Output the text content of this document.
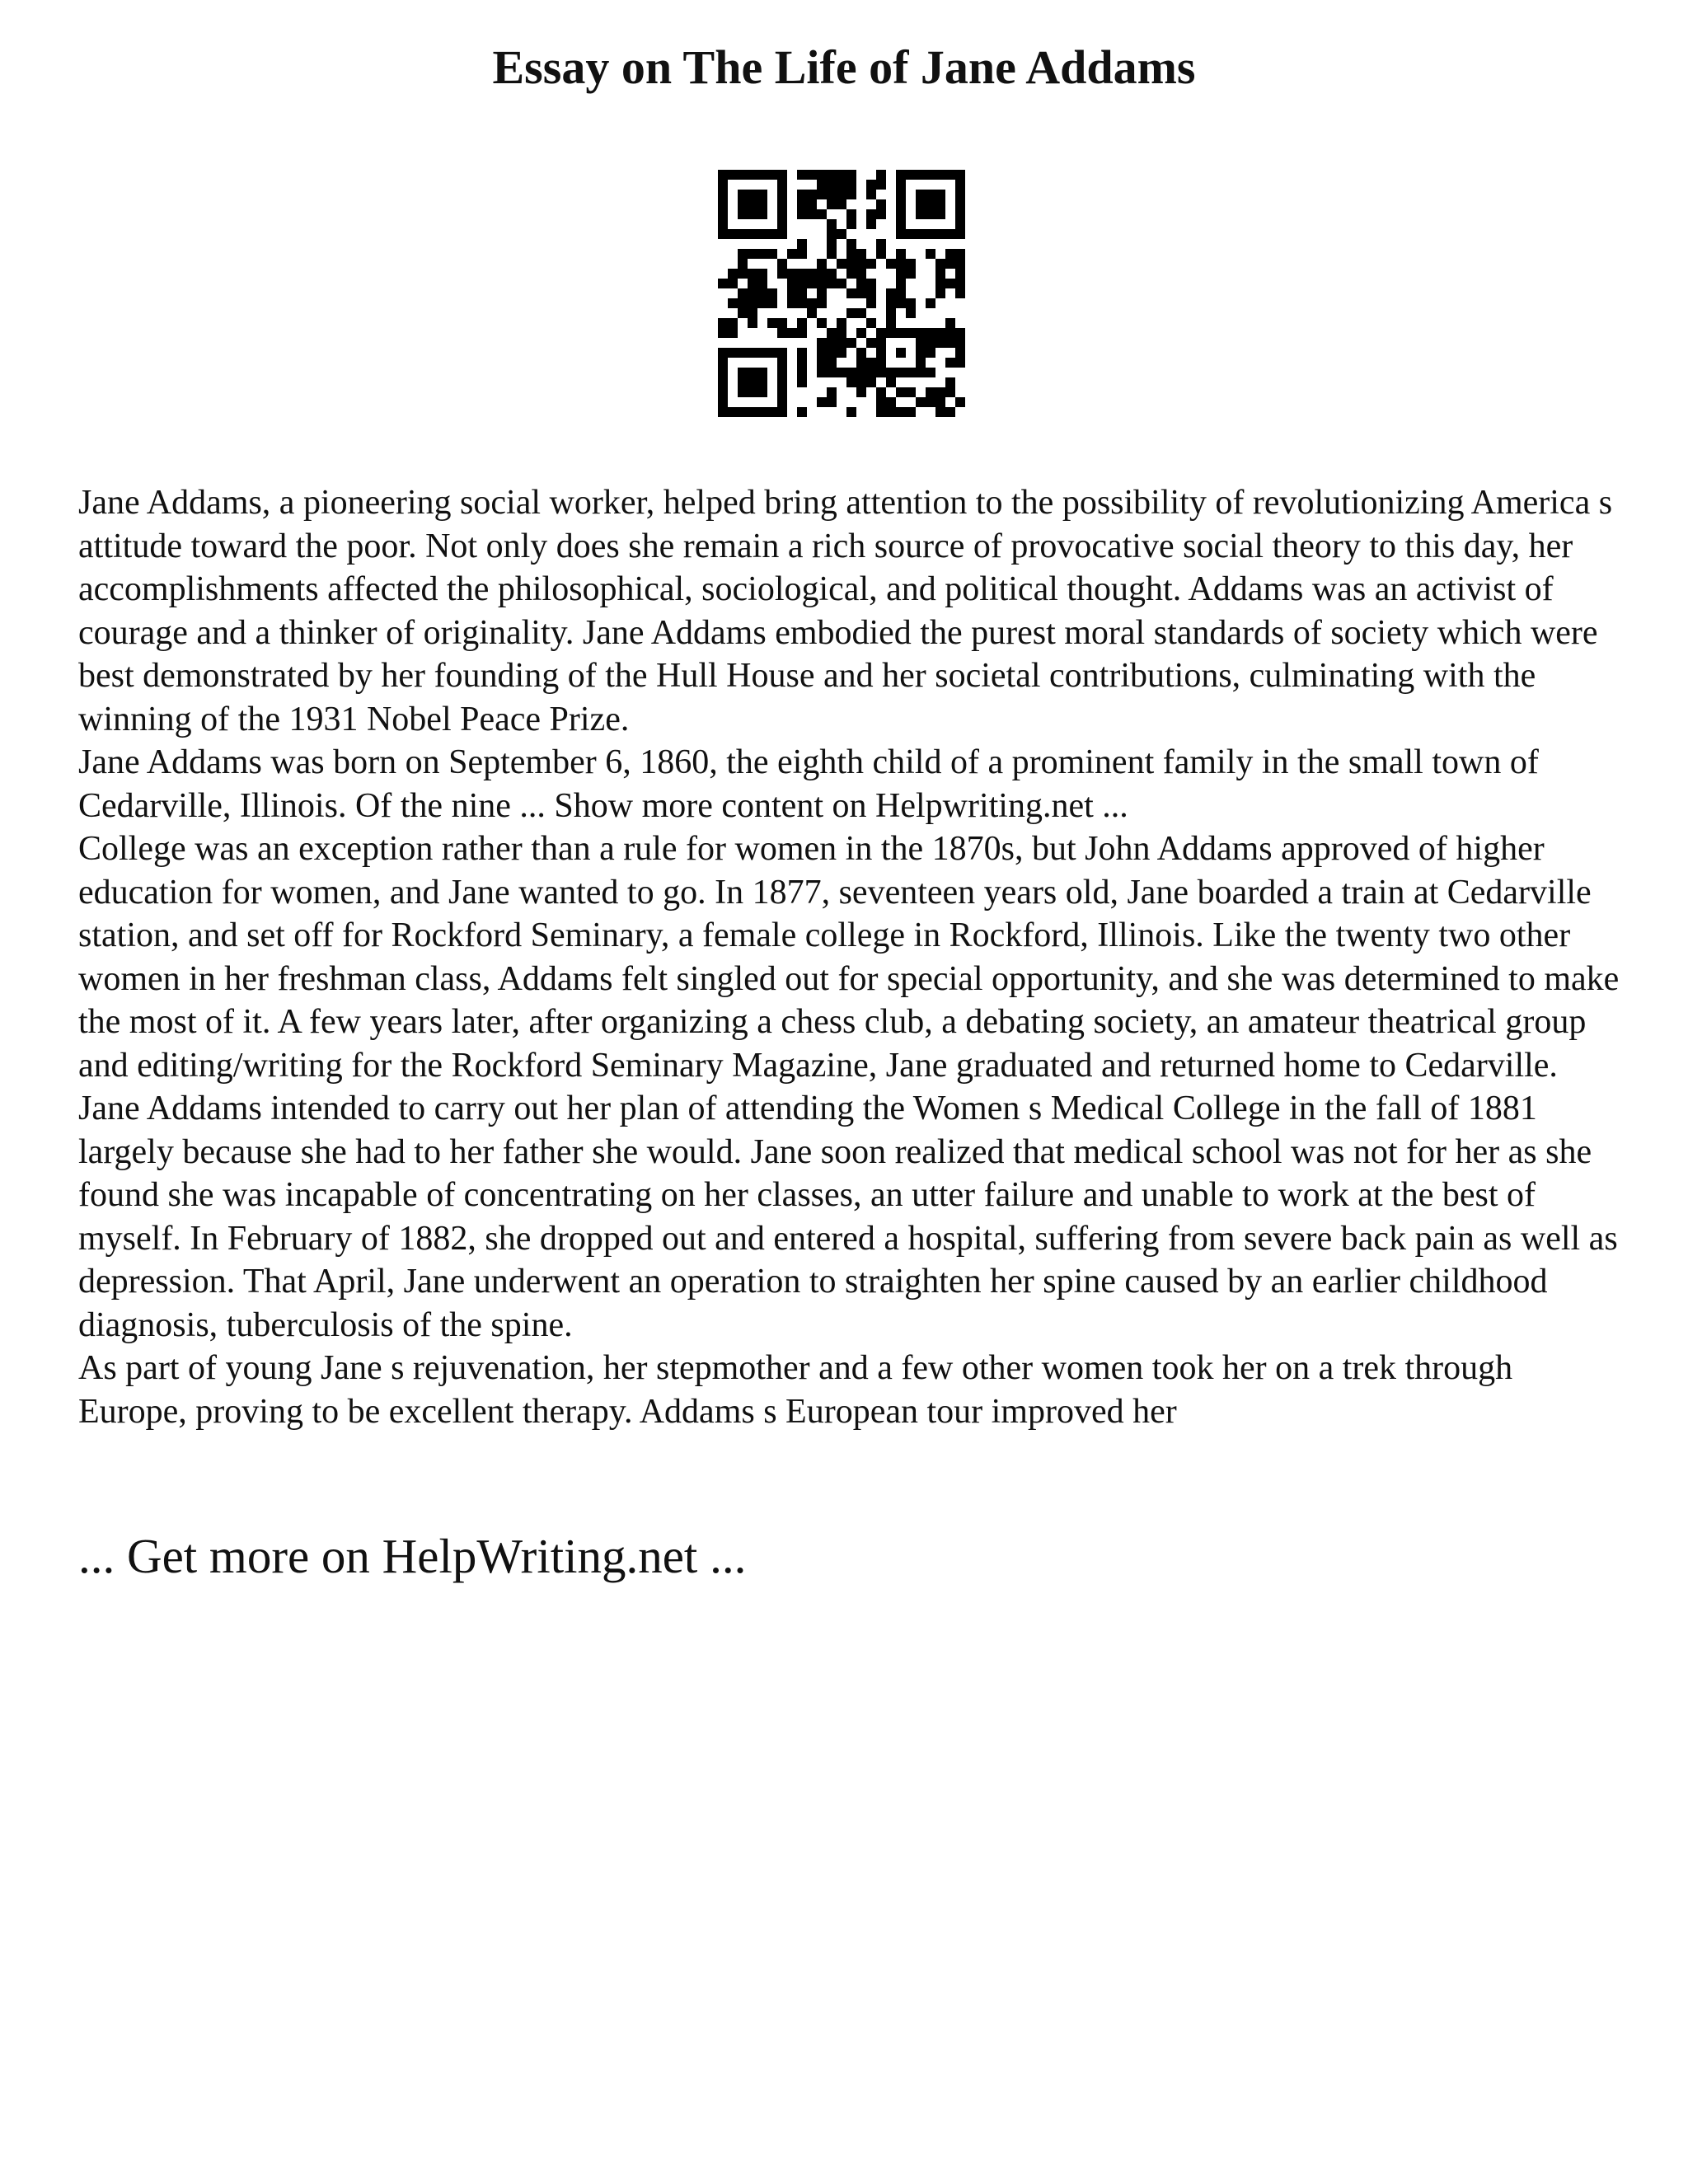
Essay on The Life of Jane Addams

Jane Addams, a pioneering social worker, helped bring attention to the possibility of revolutionizing America s attitude toward the poor. Not only does she remain a rich source of provocative social theory to this day, her accomplishments affected the philosophical, sociological, and political thought. Addams was an activist of courage and a thinker of originality. Jane Addams embodied the purest moral standards of society which were best demonstrated by her founding of the Hull House and her societal contributions, culminating with the winning of the 1931 Nobel Peace Prize.

Jane Addams was born on September 6, 1860, the eighth child of a prominent family in the small town of Cedarville, Illinois. Of the nine ... Show more content on Helpwriting.net ...

College was an exception rather than a rule for women in the 1870s, but John Addams approved of higher education for women, and Jane wanted to go. In 1877, seventeen years old, Jane boarded a train at Cedarville station, and set off for Rockford Seminary, a female college in Rockford, Illinois. Like the twenty two other women in her freshman class, Addams felt singled out for special opportunity, and she was determined to make the most of it. A few years later, after organizing a chess club, a debating society, an amateur theatrical group and editing/writing for the Rockford Seminary Magazine, Jane graduated and returned home to Cedarville. Jane Addams intended to carry out her plan of attending the Women s Medical College in the fall of 1881 largely because she had to her father she would. Jane soon realized that medical school was not for her as she found she was incapable of concentrating on her classes, an utter failure and unable to work at the best of myself. In February of 1882, she dropped out and entered a hospital, suffering from severe back pain as well as depression. That April, Jane underwent an operation to straighten her spine caused by an earlier childhood diagnosis, tuberculosis of the spine.

As part of young Jane s rejuvenation, her stepmother and a few other women took her on a trek through Europe, proving to be excellent therapy. Addams s European tour improved her

... Get more on HelpWriting.net ...
